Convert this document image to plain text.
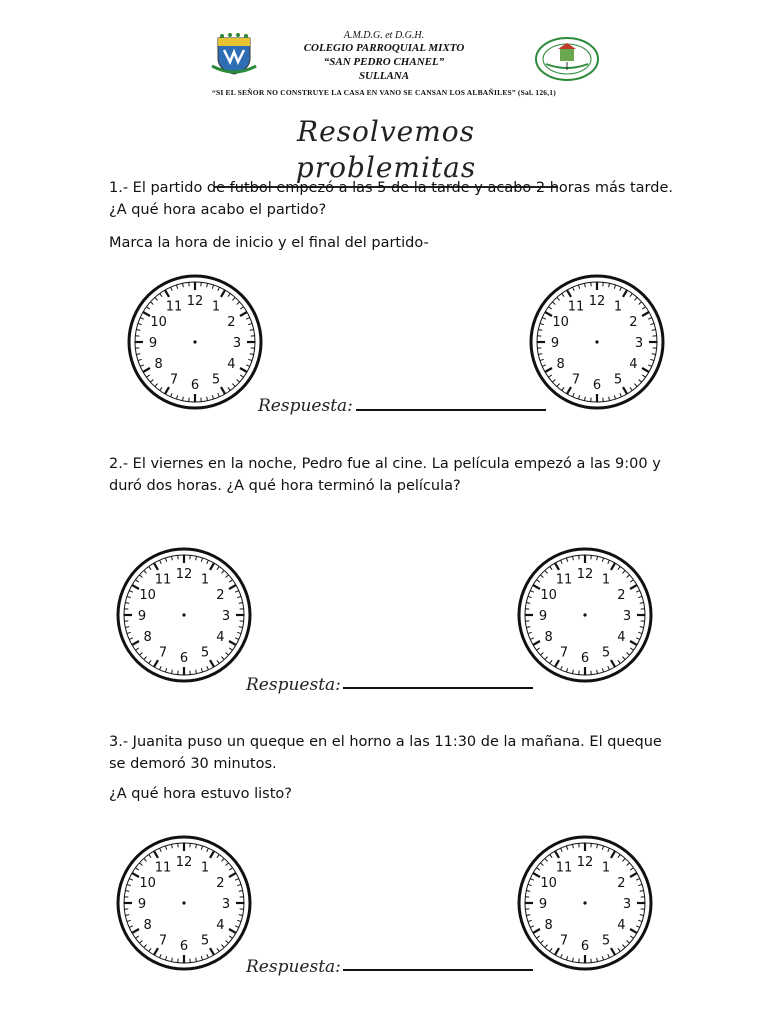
A.M.D.G. et D.G.H.
COLEGIO PARROQUIAL MIXTO
“SAN PEDRO CHANEL”
SULLANA
“SI EL SEÑOR NO CONSTRUYE LA CASA EN VANO SE CANSAN LOS ALBAÑILES” (Sal. 126,1)
Resolvemos problemitas
1.- El partido de futbol empezó a las 5 de la tarde y acabo 2 horas más tarde. ¿A qué hora acabo el partido?
Marca la hora de inicio y el final del partido-
12 1
2
3
4
5
6
7
8
9
10
11	12 1
2
3
4
5
6
7
8
9
10
11
Respuesta:
2.- El viernes en la noche, Pedro fue al cine. La película empezó a las 9:00 y duró dos horas. ¿A qué hora terminó la película?
12 1
2
3
4
5
6
7
8
9
10
11	12 1
2
3
4
5
6
7
8
9
10
11
Respuesta:
3.- Juanita puso un queque en el horno a las 11:30 de la mañana. El queque se demoró 30 minutos.
¿A qué hora estuvo listo?
12 1
2
3
4
5
6
7
8
9
10
11	12 1
2
3
4
5
6
7
8
9
10
11
Respuesta:
